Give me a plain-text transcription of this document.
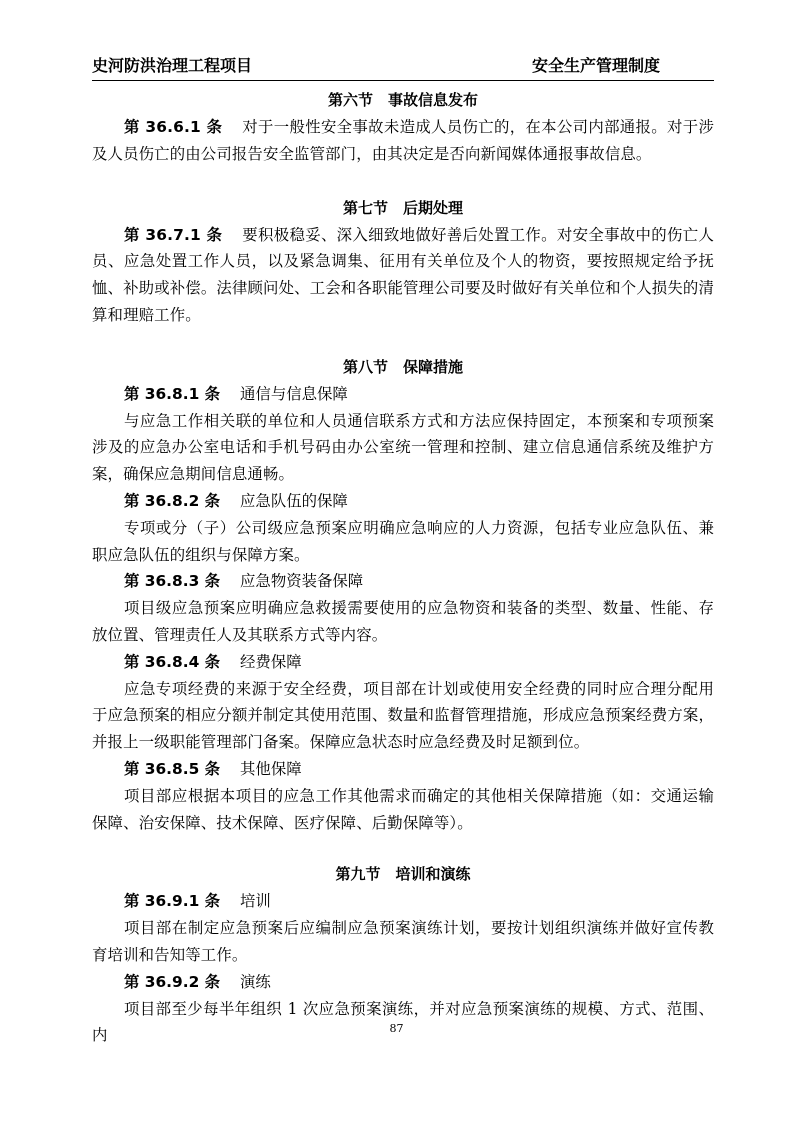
史河防洪治理工程项目	安全生产管理制度
第六节　事故信息发布
第 36.6.1 条 对于一般性安全事故未造成人员伤亡的，在本公司内部通报。对于涉及人员伤亡的由公司报告安全监管部门，由其决定是否向新闻媒体通报事故信息。
第七节　后期处理
第 36.7.1 条 要积极稳妥、深入细致地做好善后处置工作。对安全事故中的伤亡人员、应急处置工作人员，以及紧急调集、征用有关单位及个人的物资，要按照规定给予抚恤、补助或补偿。法律顾问处、工会和各职能管理公司要及时做好有关单位和个人损失的清算和理赔工作。
第八节　保障措施
第 36.8.1 条 通信与信息保障
与应急工作相关联的单位和人员通信联系方式和方法应保持固定，本预案和专项预案涉及的应急办公室电话和手机号码由办公室统一管理和控制、建立信息通信系统及维护方案，确保应急期间信息通畅。
第 36.8.2 条 应急队伍的保障
专项或分（子）公司级应急预案应明确应急响应的人力资源，包括专业应急队伍、兼职应急队伍的组织与保障方案。
第 36.8.3 条 应急物资装备保障
项目级应急预案应明确应急救援需要使用的应急物资和装备的类型、数量、性能、存放位置、管理责任人及其联系方式等内容。
第 36.8.4 条 经费保障
应急专项经费的来源于安全经费，项目部在计划或使用安全经费的同时应合理分配用于应急预案的相应分额并制定其使用范围、数量和监督管理措施，形成应急预案经费方案，并报上一级职能管理部门备案。保障应急状态时应急经费及时足额到位。
第 36.8.5 条 其他保障
项目部应根据本项目的应急工作其他需求而确定的其他相关保障措施（如：交通运输保障、治安保障、技术保障、医疗保障、后勤保障等）。
第九节　培训和演练
第 36.9.1 条 培训
项目部在制定应急预案后应编制应急预案演练计划，要按计划组织演练并做好宣传教育培训和告知等工作。
第 36.9.2 条 演练
项目部至少每半年组织 1 次应急预案演练，并对应急预案演练的规模、方式、范围、内	87
